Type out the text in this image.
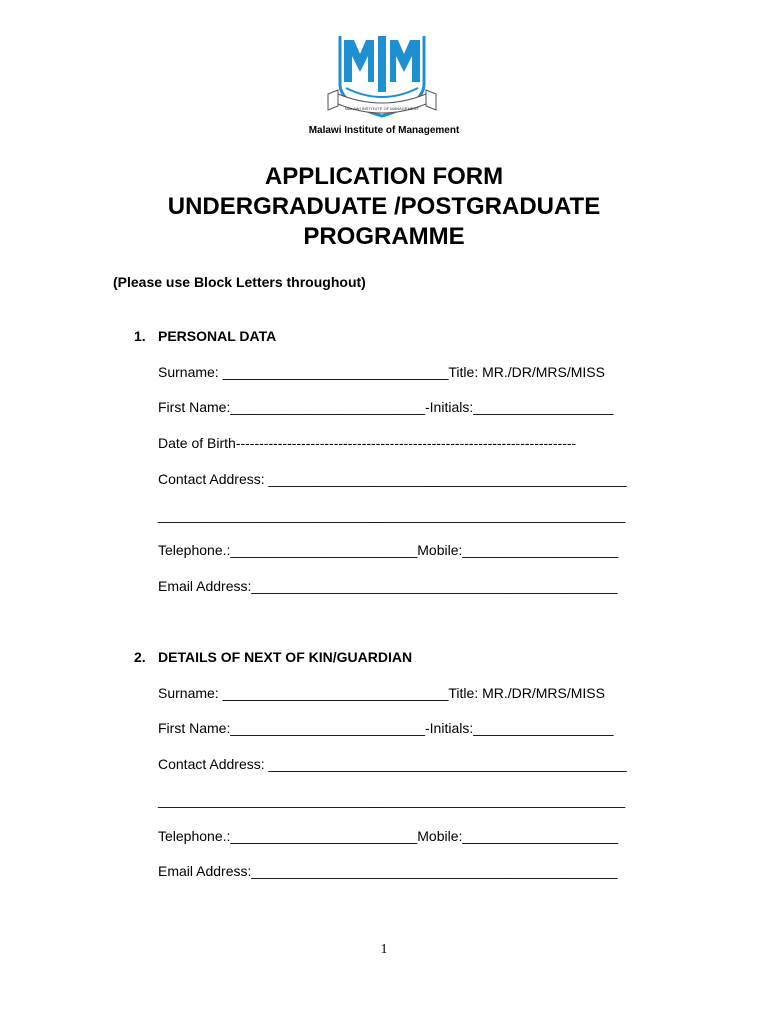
MALAWI INSTITUTE OF MANAGEMENT
Malawi Institute of Management
APPLICATION FORM
UNDERGRADUATE /POSTGRADUATE
PROGRAMME
(Please use Block Letters throughout)
1. PERSONAL DATA
Surname: _____________________________Title: MR./DR/MRS/MISS
First Name:_________________________-Initials:__________________
Date of Birth-------------------------------------------------------------------------
Contact Address: ______________________________________________
____________________________________________________________
Telephone.:________________________Mobile:____________________
Email Address:_______________________________________________
2. DETAILS OF NEXT OF KIN/GUARDIAN
Surname: _____________________________Title: MR./DR/MRS/MISS
First Name:_________________________-Initials:__________________
Contact Address: ______________________________________________
____________________________________________________________
Telephone.:________________________Mobile:____________________
Email Address:_______________________________________________
1
